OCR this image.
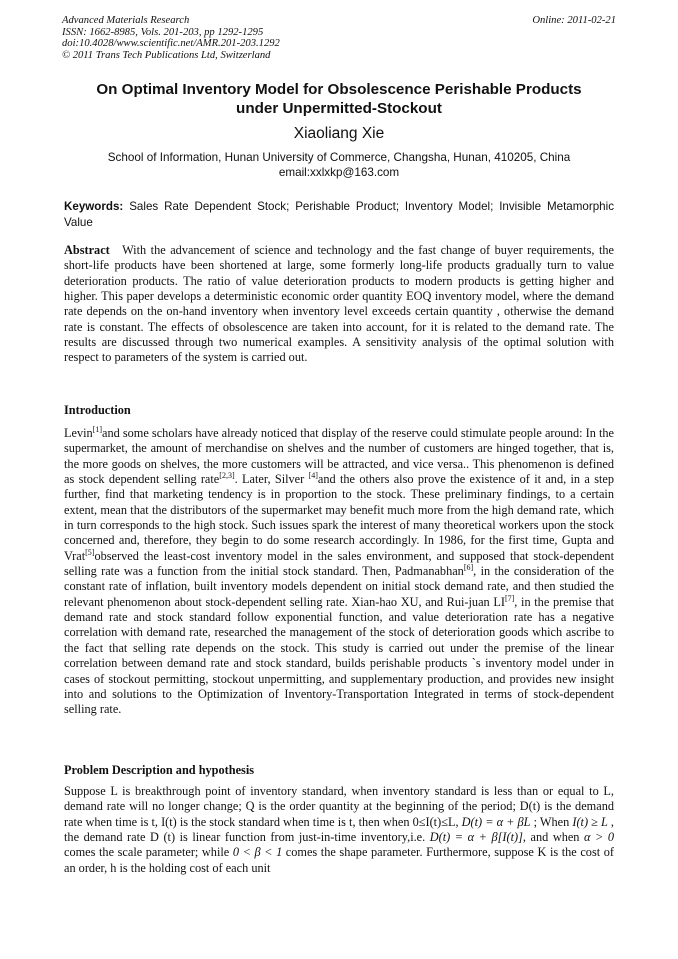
Advanced Materials Research
ISSN: 1662-8985, Vols. 201-203, pp 1292-1295
doi:10.4028/www.scientific.net/AMR.201-203.1292
© 2011 Trans Tech Publications Ltd, Switzerland
Online: 2011-02-21
On Optimal Inventory Model for Obsolescence Perishable Products
under Unpermitted-Stockout
Xiaoliang Xie
School of Information, Hunan University of Commerce, Changsha, Hunan, 410205, China
email:xxlxkp@163.com
Keywords: Sales Rate Dependent Stock; Perishable Product; Inventory Model; Invisible Metamorphic Value
Abstract With the advancement of science and technology and the fast change of buyer requirements, the short-life products have been shortened at large, some formerly long-life products gradually turn to value deterioration products. The ratio of value deterioration products to modern products is getting higher and higher. This paper develops a deterministic economic order quantity EOQ inventory model, where the demand rate depends on the on-hand inventory when inventory level exceeds certain quantity , otherwise the demand rate is constant. The effects of obsolescence are taken into account, for it is related to the demand rate. The results are discussed through two numerical examples. A sensitivity analysis of the optimal solution with respect to parameters of the system is carried out.
Introduction
Levin[1]and some scholars have already noticed that display of the reserve could stimulate people around: In the supermarket, the amount of merchandise on shelves and the number of customers are hinged together, that is, the more goods on shelves, the more customers will be attracted, and vice versa.. This phenomenon is defined as stock dependent selling rate[2,3]. Later, Silver [4]and the others also prove the existence of it and, in a step further, find that marketing tendency is in proportion to the stock. These preliminary findings, to a certain extent, mean that the distributors of the supermarket may benefit much more from the high demand rate, which in turn corresponds to the high stock. Such issues spark the interest of many theoretical workers upon the stock concerned and, therefore, they begin to do some research accordingly. In 1986, for the first time, Gupta and Vrat[5]observed the least-cost inventory model in the sales environment, and supposed that stock-dependent selling rate was a function from the initial stock standard. Then, Padmanabhan[6], in the consideration of the constant rate of inflation, built inventory models dependent on initial stock demand rate, and then studied the relevant phenomenon about stock-dependent selling rate. Xian-hao XU, and Rui-juan LI[7], in the premise that demand rate and stock standard follow exponential function, and value deterioration rate has a negative correlation with demand rate, researched the management of the stock of deterioration goods which ascribe to the fact that selling rate depends on the stock. This study is carried out under the premise of the linear correlation between demand rate and stock standard, builds perishable products `s inventory model under in cases of stockout permitting, stockout unpermitting, and supplementary production, and provides new insight into and solutions to the Optimization of Inventory-Transportation Integrated in terms of stock-dependent selling rate.
Problem Description and hypothesis
Suppose L is breakthrough point of inventory standard, when inventory standard is less than or equal to L, demand rate will no longer change; Q is the order quantity at the beginning of the period; D(t) is the demand rate when time is t, I(t) is the stock standard when time is t, then when 0≤I(t)≤L, D(t) = α + βL ; When I(t) ≥ L , the demand rate D (t) is linear function from just-in-time inventory,i.e. D(t) = α + β[I(t)], and when α > 0 comes the scale parameter; while 0 < β < 1 comes the shape parameter. Furthermore, suppose K is the cost of an order, h is the holding cost of each unit
